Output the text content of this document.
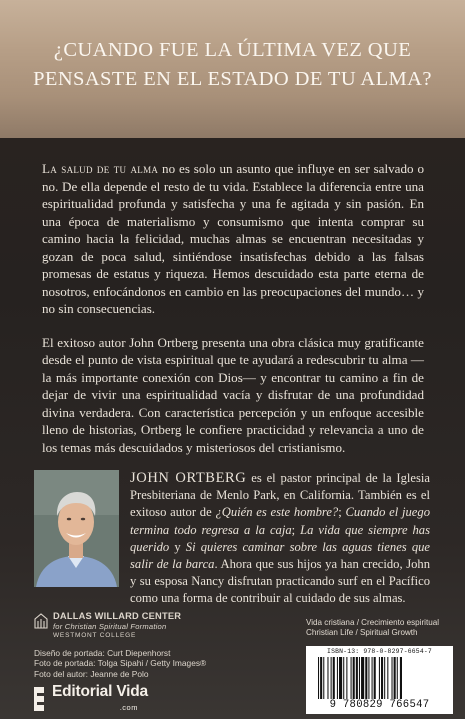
¿CUANDO FUE LA ÚLTIMA VEZ QUE
PENSASTE EN EL ESTADO DE TU ALMA?

La salud de tu alma no es solo un asunto que influye en ser salvado o no. De ella depende el resto de tu vida. Establece la diferencia entre una espiritualidad profunda y satisfecha y una fe agitada y sin pasión. En una época de materialismo y consumismo que intenta comprar su camino hacia la felicidad, muchas almas se encuentran necesitadas y gozan de poca salud, sintiéndose insatisfechas debido a las falsas promesas de estatus y riqueza. Hemos descuidado esta parte eterna de nosotros, enfocándonos en cambio en las preocupaciones del mundo… y no sin consecuencias.

El exitoso autor John Ortberg presenta una obra clásica muy gratificante desde el punto de vista espiritual que te ayudará a redescubrir tu alma —la más importante conexión con Dios— y encontrar tu camino a fin de dejar de vivir una espiritualidad vacía y disfrutar de una profundidad divina verdadera. Con característica percepción y un enfoque accesible lleno de historias, Ortberg le confiere practicidad y relevancia a uno de los temas más descuidados y misteriosos del cristianismo.

JOHN ORTBERG es el pastor principal de la Iglesia Presbiteriana de Menlo Park, en California. También es el exitoso autor de ¿Quién es este hombre?; Cuando el juego termina todo regresa a la caja; La vida que siempre has querido y Si quieres caminar sobre las aguas tienes que salir de la barca. Ahora que sus hijos ya han crecido, John y su esposa Nancy disfrutan practicando surf en el Pacífico como una forma de contribuir al cuidado de sus almas.
DALLAS WILLARD CENTER
for Christian Spiritual Formation
WESTMONT COLLEGE
Diseño de portada: Curt Diepenhorst
Foto de portada: Tolga Sipahi / Getty Images®
Foto del autor: Jeanne de Polo
Editorial Vida
.com
Vida cristiana / Crecimiento espiritual
Christian Life / Spiritual Growth
ISBN-13: 978-0-8297-6654-7
9 780829 766547
